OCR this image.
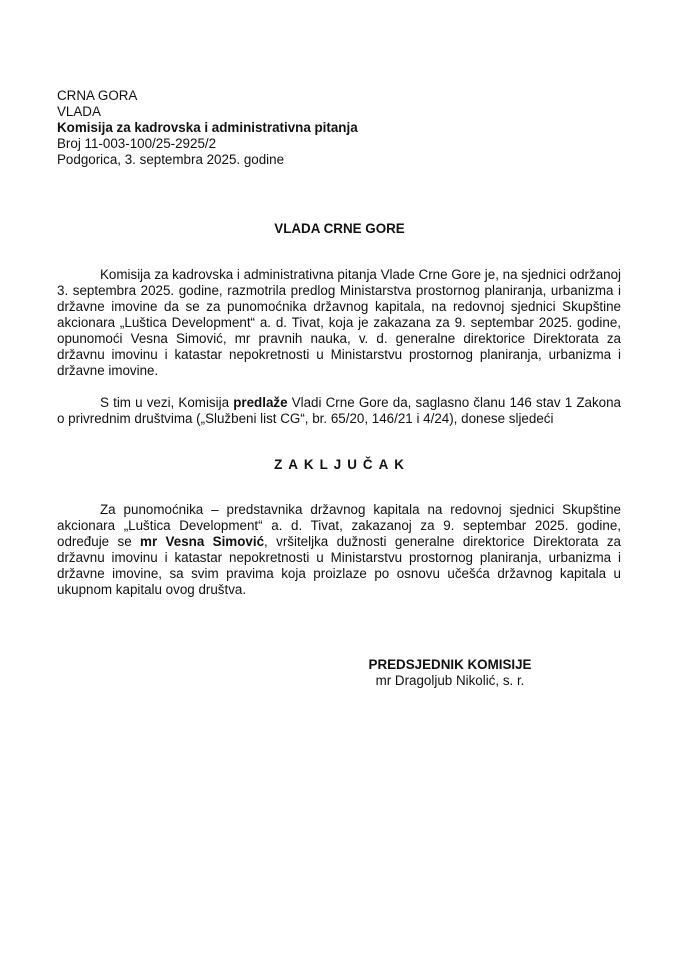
CRNA GORA
VLADA
Komisija za kadrovska i administrativna pitanja
Broj 11-003-100/25-2925/2
Podgorica, 3. septembra 2025. godine
VLADA CRNE GORE

Komisija za kadrovska i administrativna pitanja Vlade Crne Gore je, na sjednici održanoj 3. septembra 2025. godine, razmotrila predlog Ministarstva prostornog planiranja, urbanizma i državne imovine da se za punomoćnika državnog kapitala, na redovnoj sjednici Skupštine akcionara „Luštica Development“ a. d. Tivat, koja je zakazana za 9. septembar 2025. godine, opunomoći Vesna Simović, mr pravnih nauka, v. d. generalne direktorice Direktorata za državnu imovinu i katastar nepokretnosti u Ministarstvu prostornog planiranja, urbanizma i državne imovine.

S tim u vezi, Komisija predlaže Vladi Crne Gore da, saglasno članu 146 stav 1 Zakona o privrednim društvima („Službeni list CG“, br. 65/20, 146/21 i 4/24), donese sljedeći

ZAKLJUČAK

Za punomoćnika – predstavnika državnog kapitala na redovnoj sjednici Skupštine akcionara „Luštica Development“ a. d. Tivat, zakazanoj za 9. septembar 2025. godine, određuje se mr Vesna Simović, vršiteljka dužnosti generalne direktorice Direktorata za državnu imovinu i katastar nepokretnosti u Ministarstvu prostornog planiranja, urbanizma i državne imovine, sa svim pravima koja proizlaze po osnovu učešća državnog kapitala u ukupnom kapitalu ovog društva.

PREDSJEDNIK KOMISIJE
mr Dragoljub Nikolić, s. r.
